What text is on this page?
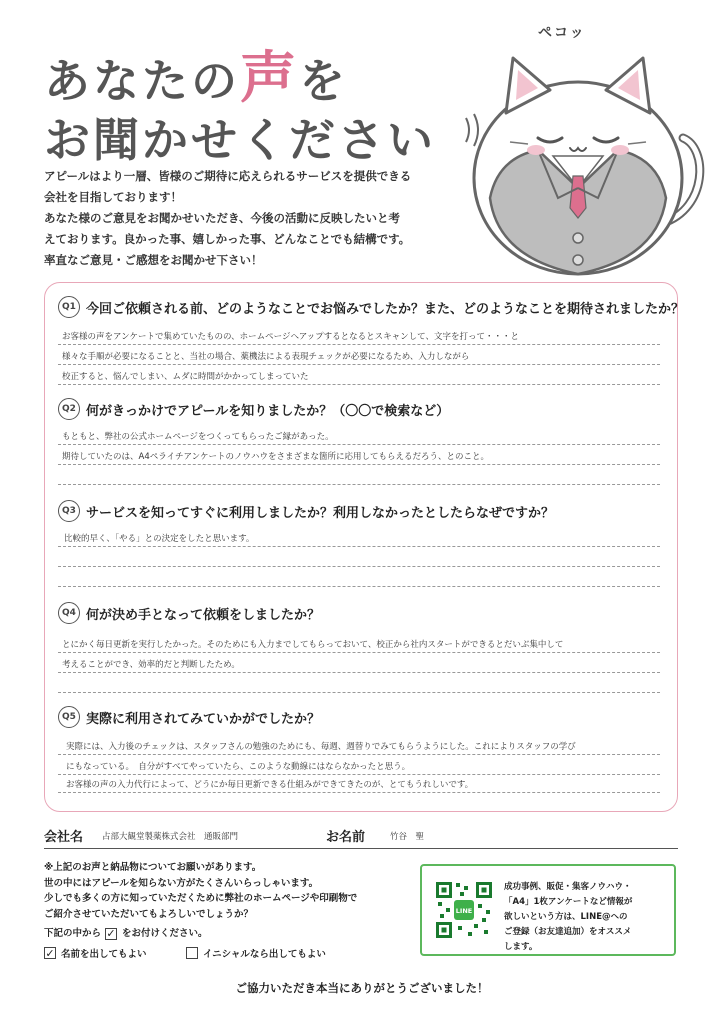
あなたの声を
お聞かせください
アピールはより一層、皆様のご期待に応えられるサービスを提供できる
会社を目指しております！
あなた様のご意見をお聞かせいただき、今後の活動に反映したいと考
えております。良かった事、嬉しかった事、どんなことでも結構です。
率直なご意見・ご感想をお聞かせ下さい！
ペコッ
Q1 今回ご依頼される前、どのようなことでお悩みでしたか？また、どのようなことを期待されましたか？
お客様の声をアンケートで集めていたものの、ホームページへアップするとなるとスキャンして、文字を打って・・・と
様々な手順が必要になることと、当社の場合、薬機法による表現チェックが必要になるため、入力しながら
校正すると、悩んでしまい、ムダに時間がかかってしまっていた
Q2 何がきっかけでアピールを知りましたか？（〇〇で検索など）
もともと、弊社の公式ホームページをつくってもらったご縁があった。
期待していたのは、A4ペライチアンケートのノウハウをさまざまな箇所に応用してもらえるだろう、とのこと。
Q3 サービスを知ってすぐに利用しましたか？利用しなかったとしたらなぜですか？
比較的早く、「やる」との決定をしたと思います。
Q4 何が決め手となって依頼をしましたか？
とにかく毎日更新を実行したかった。そのためにも入力までしてもらっておいて、校正から社内スタートができるとだいぶ集中して
考えることができ、効率的だと判断したため。
Q5 実際に利用されてみていかがでしたか？
実際には、入力後のチェックは、スタッフさんの勉強のためにも、毎週、週替りでみてもらうようにした。これによりスタッフの学び
にもなっている。　自分がすべてやっていたら、このような動線にはならなかったと思う。
お客様の声の入力代行によって、どうにか毎日更新できる仕組みができてきたのが、とてもうれしいです。
会社名 占部大観堂製薬株式会社　通販部門	お名前	竹谷　聖
※上記のお声と納品物についてお願いがあります。
世の中にはアピールを知らない方がたくさんいらっしゃいます。
少しでも多くの方に知っていただくために弊社のホームページや印刷物で
ご紹介させていただいてもよろしいでしょうか？
下記の中から ✓ をお付けください。
✓ 名前を出してもよい	イニシャルなら出してもよい
LINE
成功事例、販促・集客ノウハウ・
「A4」1枚アンケートなど情報が
欲しいという方は、LINE@への
ご登録（お友達追加）をオススメ
します。
ご協力いただき本当にありがとうございました！
